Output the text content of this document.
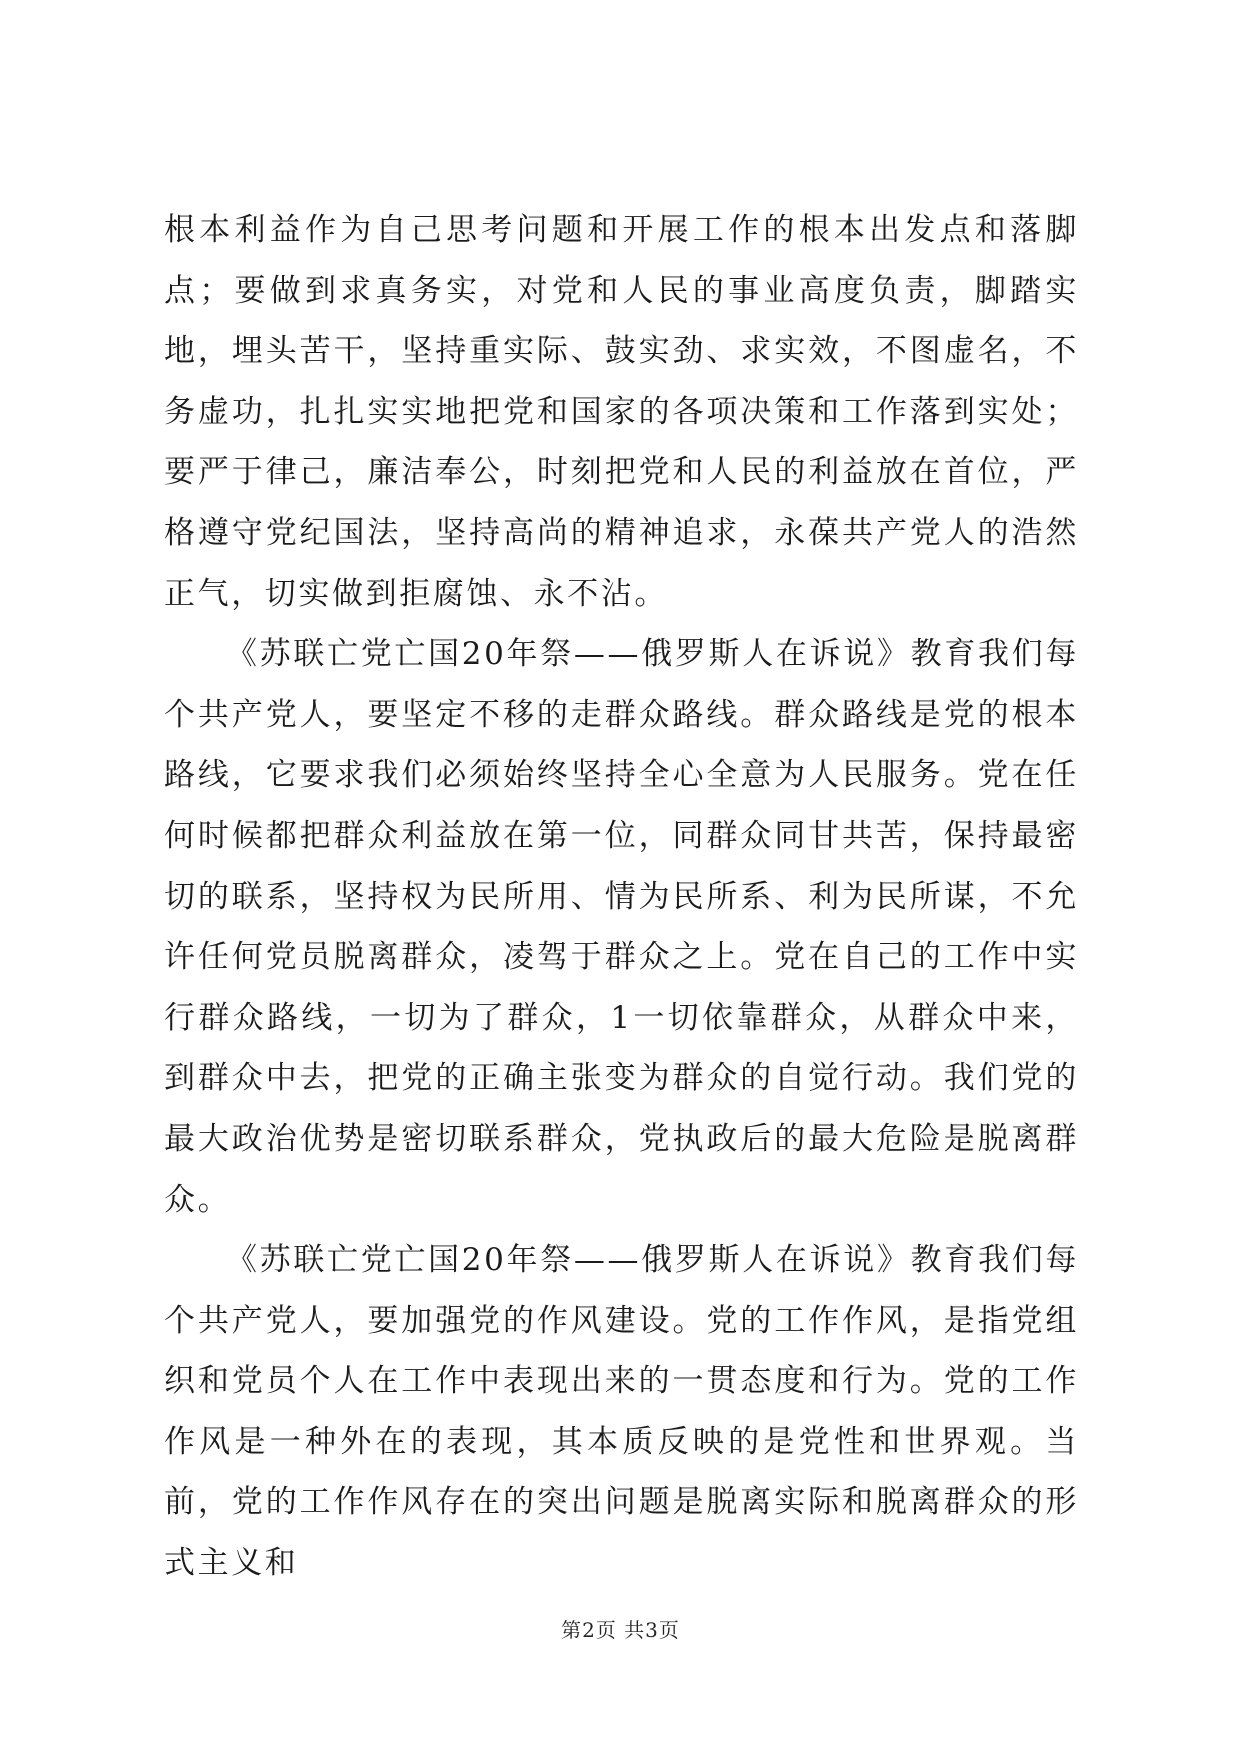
根本利益作为自己思考问题和开展工作的根本出发点和落脚点；要做到求真务实，对党和人民的事业高度负责，脚踏实地，埋头苦干，坚持重实际、鼓实劲、求实效，不图虚名，不务虚功，扎扎实实地把党和国家的各项决策和工作落到实处；要严于律己，廉洁奉公，时刻把党和人民的利益放在首位，严格遵守党纪国法，坚持高尚的精神追求，永葆共产党人的浩然正气，切实做到拒腐蚀、永不沾。

《苏联亡党亡国20年祭——俄罗斯人在诉说》教育我们每个共产党人，要坚定不移的走群众路线。群众路线是党的根本路线，它要求我们必须始终坚持全心全意为人民服务。党在任何时候都把群众利益放在第一位，同群众同甘共苦，保持最密切的联系，坚持权为民所用、情为民所系、利为民所谋，不允许任何党员脱离群众，凌驾于群众之上。党在自己的工作中实行群众路线，一切为了群众，1一切依靠群众，从群众中来，到群众中去，把党的正确主张变为群众的自觉行动。我们党的最大政治优势是密切联系群众，党执政后的最大危险是脱离群众。

《苏联亡党亡国20年祭——俄罗斯人在诉说》教育我们每个共产党人，要加强党的作风建设。党的工作作风，是指党组织和党员个人在工作中表现出来的一贯态度和行为。党的工作作风是一种外在的表现，其本质反映的是党性和世界观。当前，党的工作作风存在的突出问题是脱离实际和脱离群众的形式主义和

第2页 共3页
